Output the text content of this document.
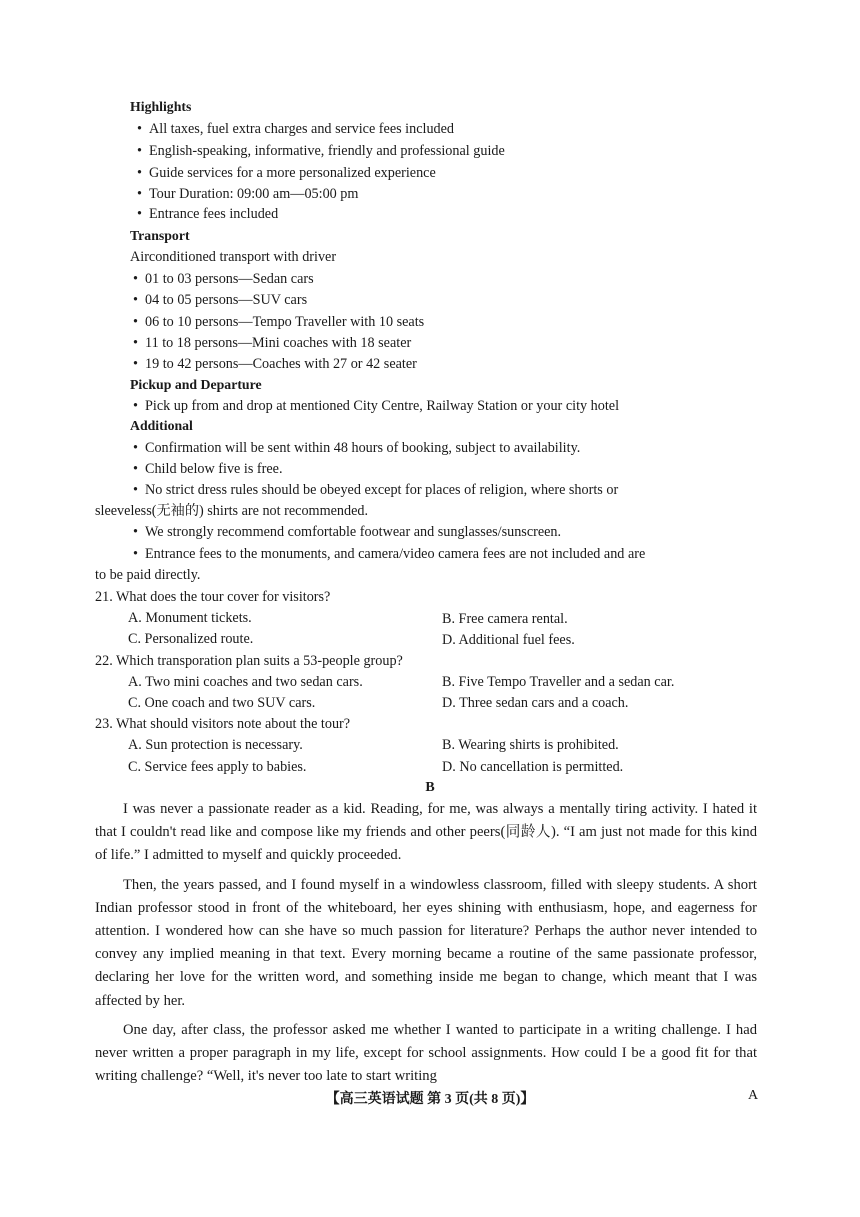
Highlights
• All taxes, fuel extra charges and service fees included
• English-speaking, informative, friendly and professional guide
• Guide services for a more personalized experience
• Tour Duration: 09:00 am—05:00 pm
• Entrance fees included
Transport
Airconditioned transport with driver
• 01 to 03 persons—Sedan cars
• 04 to 05 persons—SUV cars
• 06 to 10 persons—Tempo Traveller with 10 seats
• 11 to 18 persons—Mini coaches with 18 seater
• 19 to 42 persons—Coaches with 27 or 42 seater
Pickup and Departure
• Pick up from and drop at mentioned City Centre, Railway Station or your city hotel
Additional
• Confirmation will be sent within 48 hours of booking, subject to availability.
• Child below five is free.
• No strict dress rules should be obeyed except for places of religion, where shorts or
sleeveless(无袖的) shirts are not recommended.
• We strongly recommend comfortable footwear and sunglasses/sunscreen.
• Entrance fees to the monuments, and camera/video camera fees are not included and are
to be paid directly.
21. What does the tour cover for visitors?
A. Monument tickets.	B. Free camera rental.
C. Personalized route.	D. Additional fuel fees.
22. Which transporation plan suits a 53-people group?
A. Two mini coaches and two sedan cars.	B. Five Tempo Traveller and a sedan car.
C. One coach and two SUV cars.	D. Three sedan cars and a coach.
23. What should visitors note about the tour?
A. Sun protection is necessary.	B. Wearing shirts is prohibited.
C. Service fees apply to babies.	D. No cancellation is permitted.
B

I was never a passionate reader as a kid. Reading, for me, was always a mentally tiring activity. I hated it that I couldn't read like and compose like my friends and other peers(同龄人). “I am just not made for this kind of life.” I admitted to myself and quickly proceeded.

Then, the years passed, and I found myself in a windowless classroom, filled with sleepy students. A short Indian professor stood in front of the whiteboard, her eyes shining with enthusiasm, hope, and eagerness for attention. I wondered how can she have so much passion for literature? Perhaps the author never intended to convey any implied meaning in that text. Every morning became a routine of the same passionate professor, declaring her love for the written word, and something inside me began to change, which meant that I was affected by her.

One day, after class, the professor asked me whether I wanted to participate in a writing challenge. I had never written a proper paragraph in my life, except for school assignments. How could I be a good fit for that writing challenge? “Well, it's never too late to start writing

【高三英语试题 第 3 页(共 8 页)】	A
